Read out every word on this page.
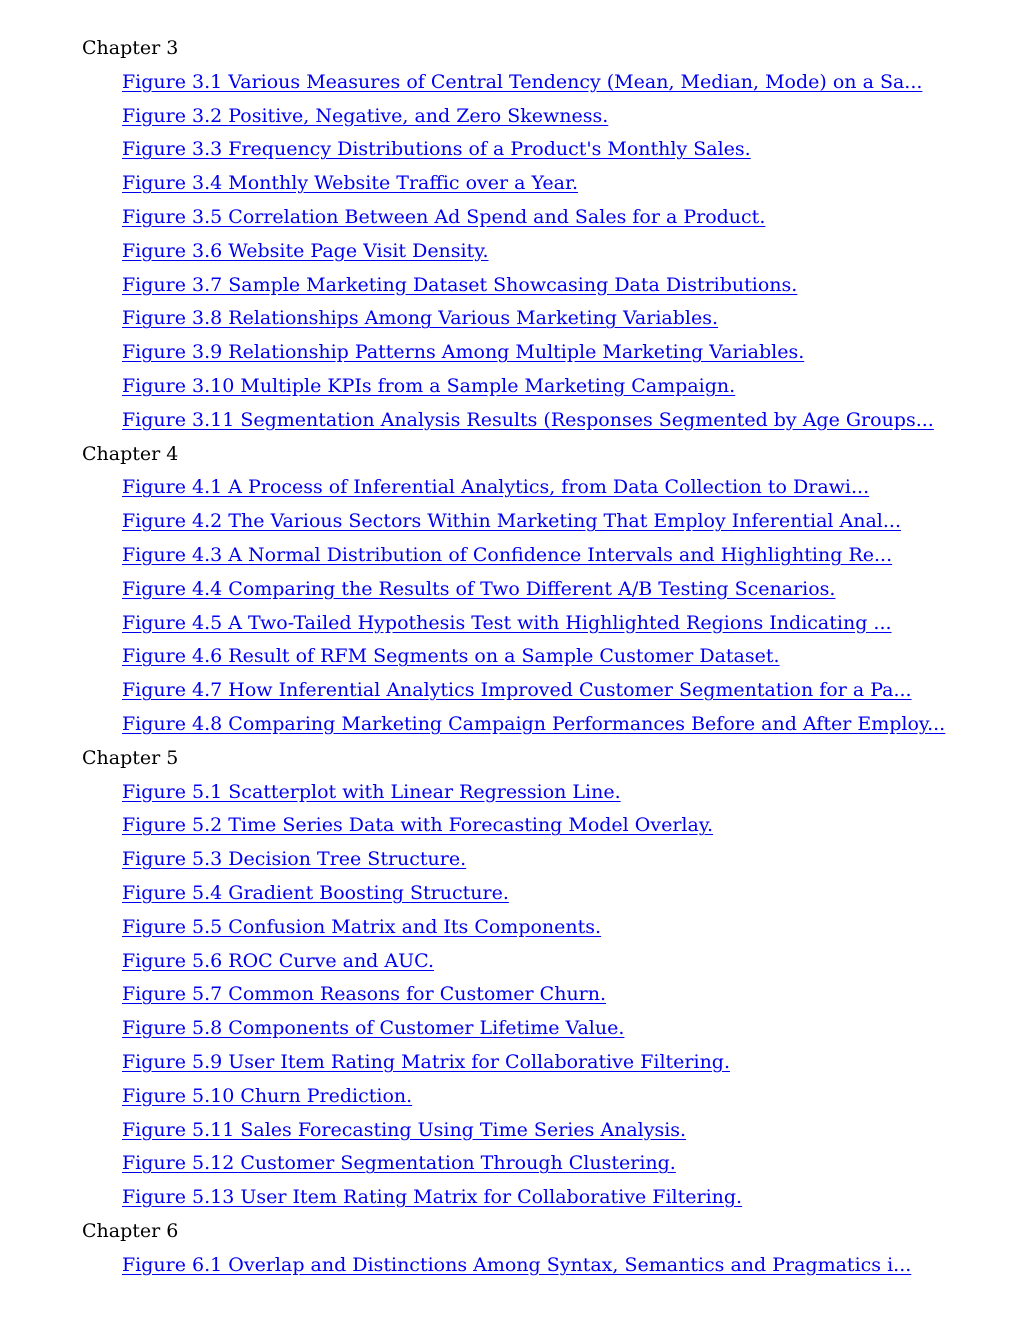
Chapter 3
Figure 3.1 Various Measures of Central Tendency (Mean, Median, Mode) on a Sa...
Figure 3.2 Positive, Negative, and Zero Skewness.
Figure 3.3 Frequency Distributions of a Product's Monthly Sales.
Figure 3.4 Monthly Website Traffic over a Year.
Figure 3.5 Correlation Between Ad Spend and Sales for a Product.
Figure 3.6 Website Page Visit Density.
Figure 3.7 Sample Marketing Dataset Showcasing Data Distributions.
Figure 3.8 Relationships Among Various Marketing Variables.
Figure 3.9 Relationship Patterns Among Multiple Marketing Variables.
Figure 3.10 Multiple KPIs from a Sample Marketing Campaign.
Figure 3.11 Segmentation Analysis Results (Responses Segmented by Age Groups...
Chapter 4
Figure 4.1 A Process of Inferential Analytics, from Data Collection to Drawi...
Figure 4.2 The Various Sectors Within Marketing That Employ Inferential Anal...
Figure 4.3 A Normal Distribution of Confidence Intervals and Highlighting Re...
Figure 4.4 Comparing the Results of Two Different A/B Testing Scenarios.
Figure 4.5 A Two-Tailed Hypothesis Test with Highlighted Regions Indicating ...
Figure 4.6 Result of RFM Segments on a Sample Customer Dataset.
Figure 4.7 How Inferential Analytics Improved Customer Segmentation for a Pa...
Figure 4.8 Comparing Marketing Campaign Performances Before and After Employ...
Chapter 5
Figure 5.1 Scatterplot with Linear Regression Line.
Figure 5.2 Time Series Data with Forecasting Model Overlay.
Figure 5.3 Decision Tree Structure.
Figure 5.4 Gradient Boosting Structure.
Figure 5.5 Confusion Matrix and Its Components.
Figure 5.6 ROC Curve and AUC.
Figure 5.7 Common Reasons for Customer Churn.
Figure 5.8 Components of Customer Lifetime Value.
Figure 5.9 User Item Rating Matrix for Collaborative Filtering.
Figure 5.10 Churn Prediction.
Figure 5.11 Sales Forecasting Using Time Series Analysis.
Figure 5.12 Customer Segmentation Through Clustering.
Figure 5.13 User Item Rating Matrix for Collaborative Filtering.
Chapter 6
Figure 6.1 Overlap and Distinctions Among Syntax, Semantics and Pragmatics i...
